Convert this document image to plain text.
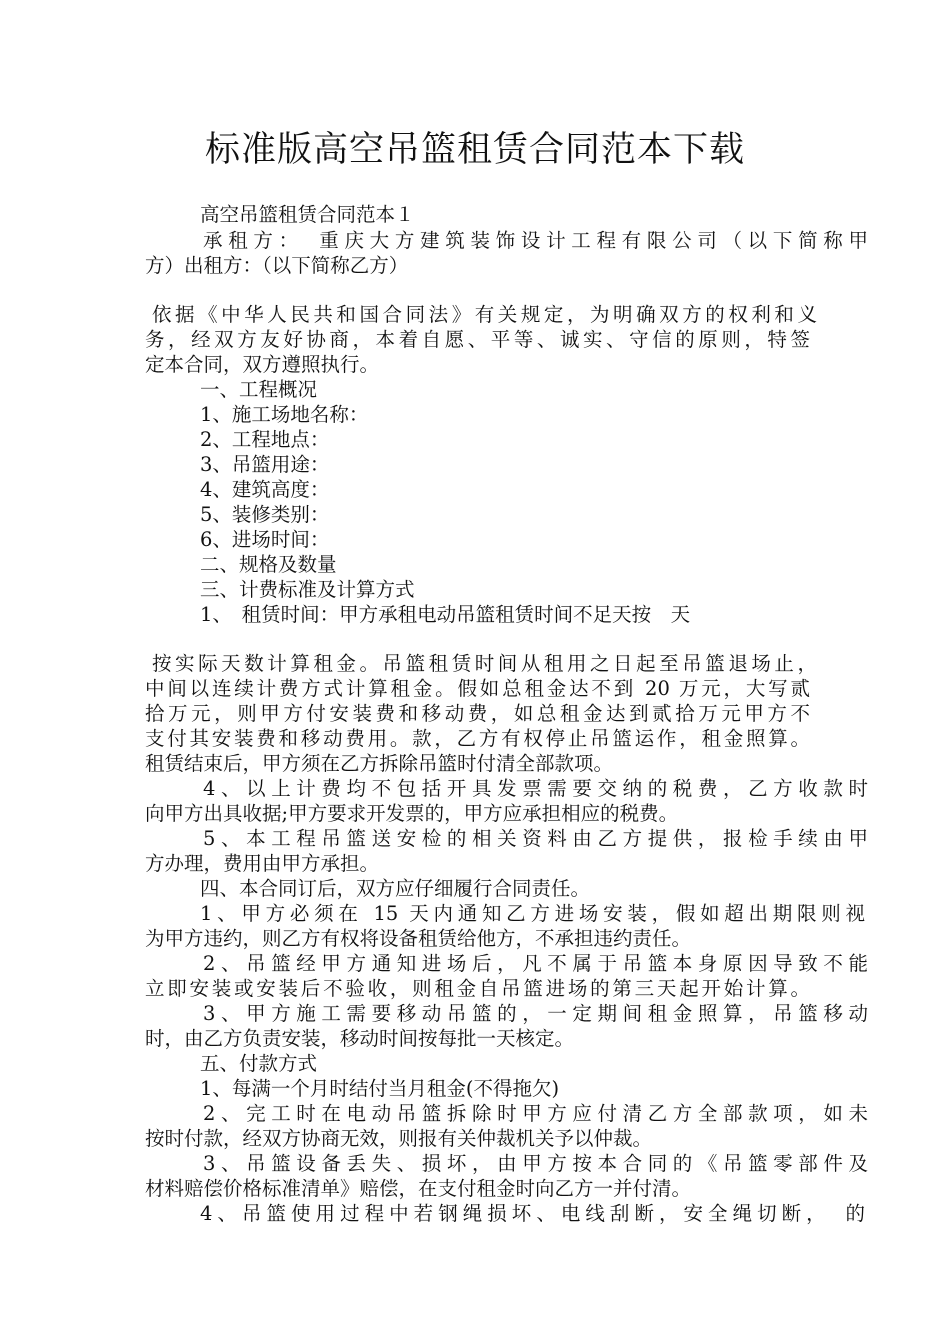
标准版高空吊篮租赁合同范本下载
高空吊篮租赁合同范本１
承租方：　重庆大方建筑装饰设计工程有限公司（以下简称甲
方）出租方：（以下简称乙方）
依据《中华人民共和国合同法》有关规定，为明确双方的权利和义
务，经双方友好协商，本着自愿、平等、诚实、守信的原则，特签
定本合同，双方遵照执行。
一、工程概况
1、施工场地名称：
2、工程地点：
3、吊篮用途：
4、建筑高度：
5、装修类别：
6、进场时间：
二、规格及数量
三、计费标准及计算方式
1、　租赁时间：甲方承租电动吊篮租赁时间不足天按　天
按实际天数计算租金。吊篮租赁时间从租用之日起至吊篮退场止，
中间以连续计费方式计算租金。假如总租金达不到 20 万元，大写贰
拾万元，则甲方付安装费和移动费，如总租金达到贰拾万元甲方不
支付其安装费和移动费用。款，乙方有权停止吊篮运作，租金照算。
租赁结束后，甲方须在乙方拆除吊篮时付清全部款项。
4、以上计费均不包括开具发票需要交纳的税费，乙方收款时
向甲方出具收据;甲方要求开发票的，甲方应承担相应的税费。
5、本工程吊篮送安检的相关资料由乙方提供，报检手续由甲
方办理，费用由甲方承担。
四、本合同订后，双方应仔细履行合同责任。
1、甲方必须在 15 天内通知乙方进场安装，假如超出期限则视
为甲方违约，则乙方有权将设备租赁给他方，不承担违约责任。
2、吊篮经甲方通知进场后，凡不属于吊篮本身原因导致不能
立即安装或安装后不验收，则租金自吊篮进场的第三天起开始计算。
3、甲方施工需要移动吊篮的，一定期间租金照算，吊篮移动
时，由乙方负责安装，移动时间按每批一天核定。
五、付款方式
1、每满一个月时结付当月租金(不得拖欠)
2、完工时在电动吊篮拆除时甲方应付清乙方全部款项，如未
按时付款，经双方协商无效，则报有关仲裁机关予以仲裁。
3、吊篮设备丢失、损坏，由甲方按本合同的《吊篮零部件及
材料赔偿价格标准清单》赔偿，在支付租金时向乙方一并付清。
4、吊篮使用过程中若钢绳损坏、电线刮断，安全绳切断，　的
